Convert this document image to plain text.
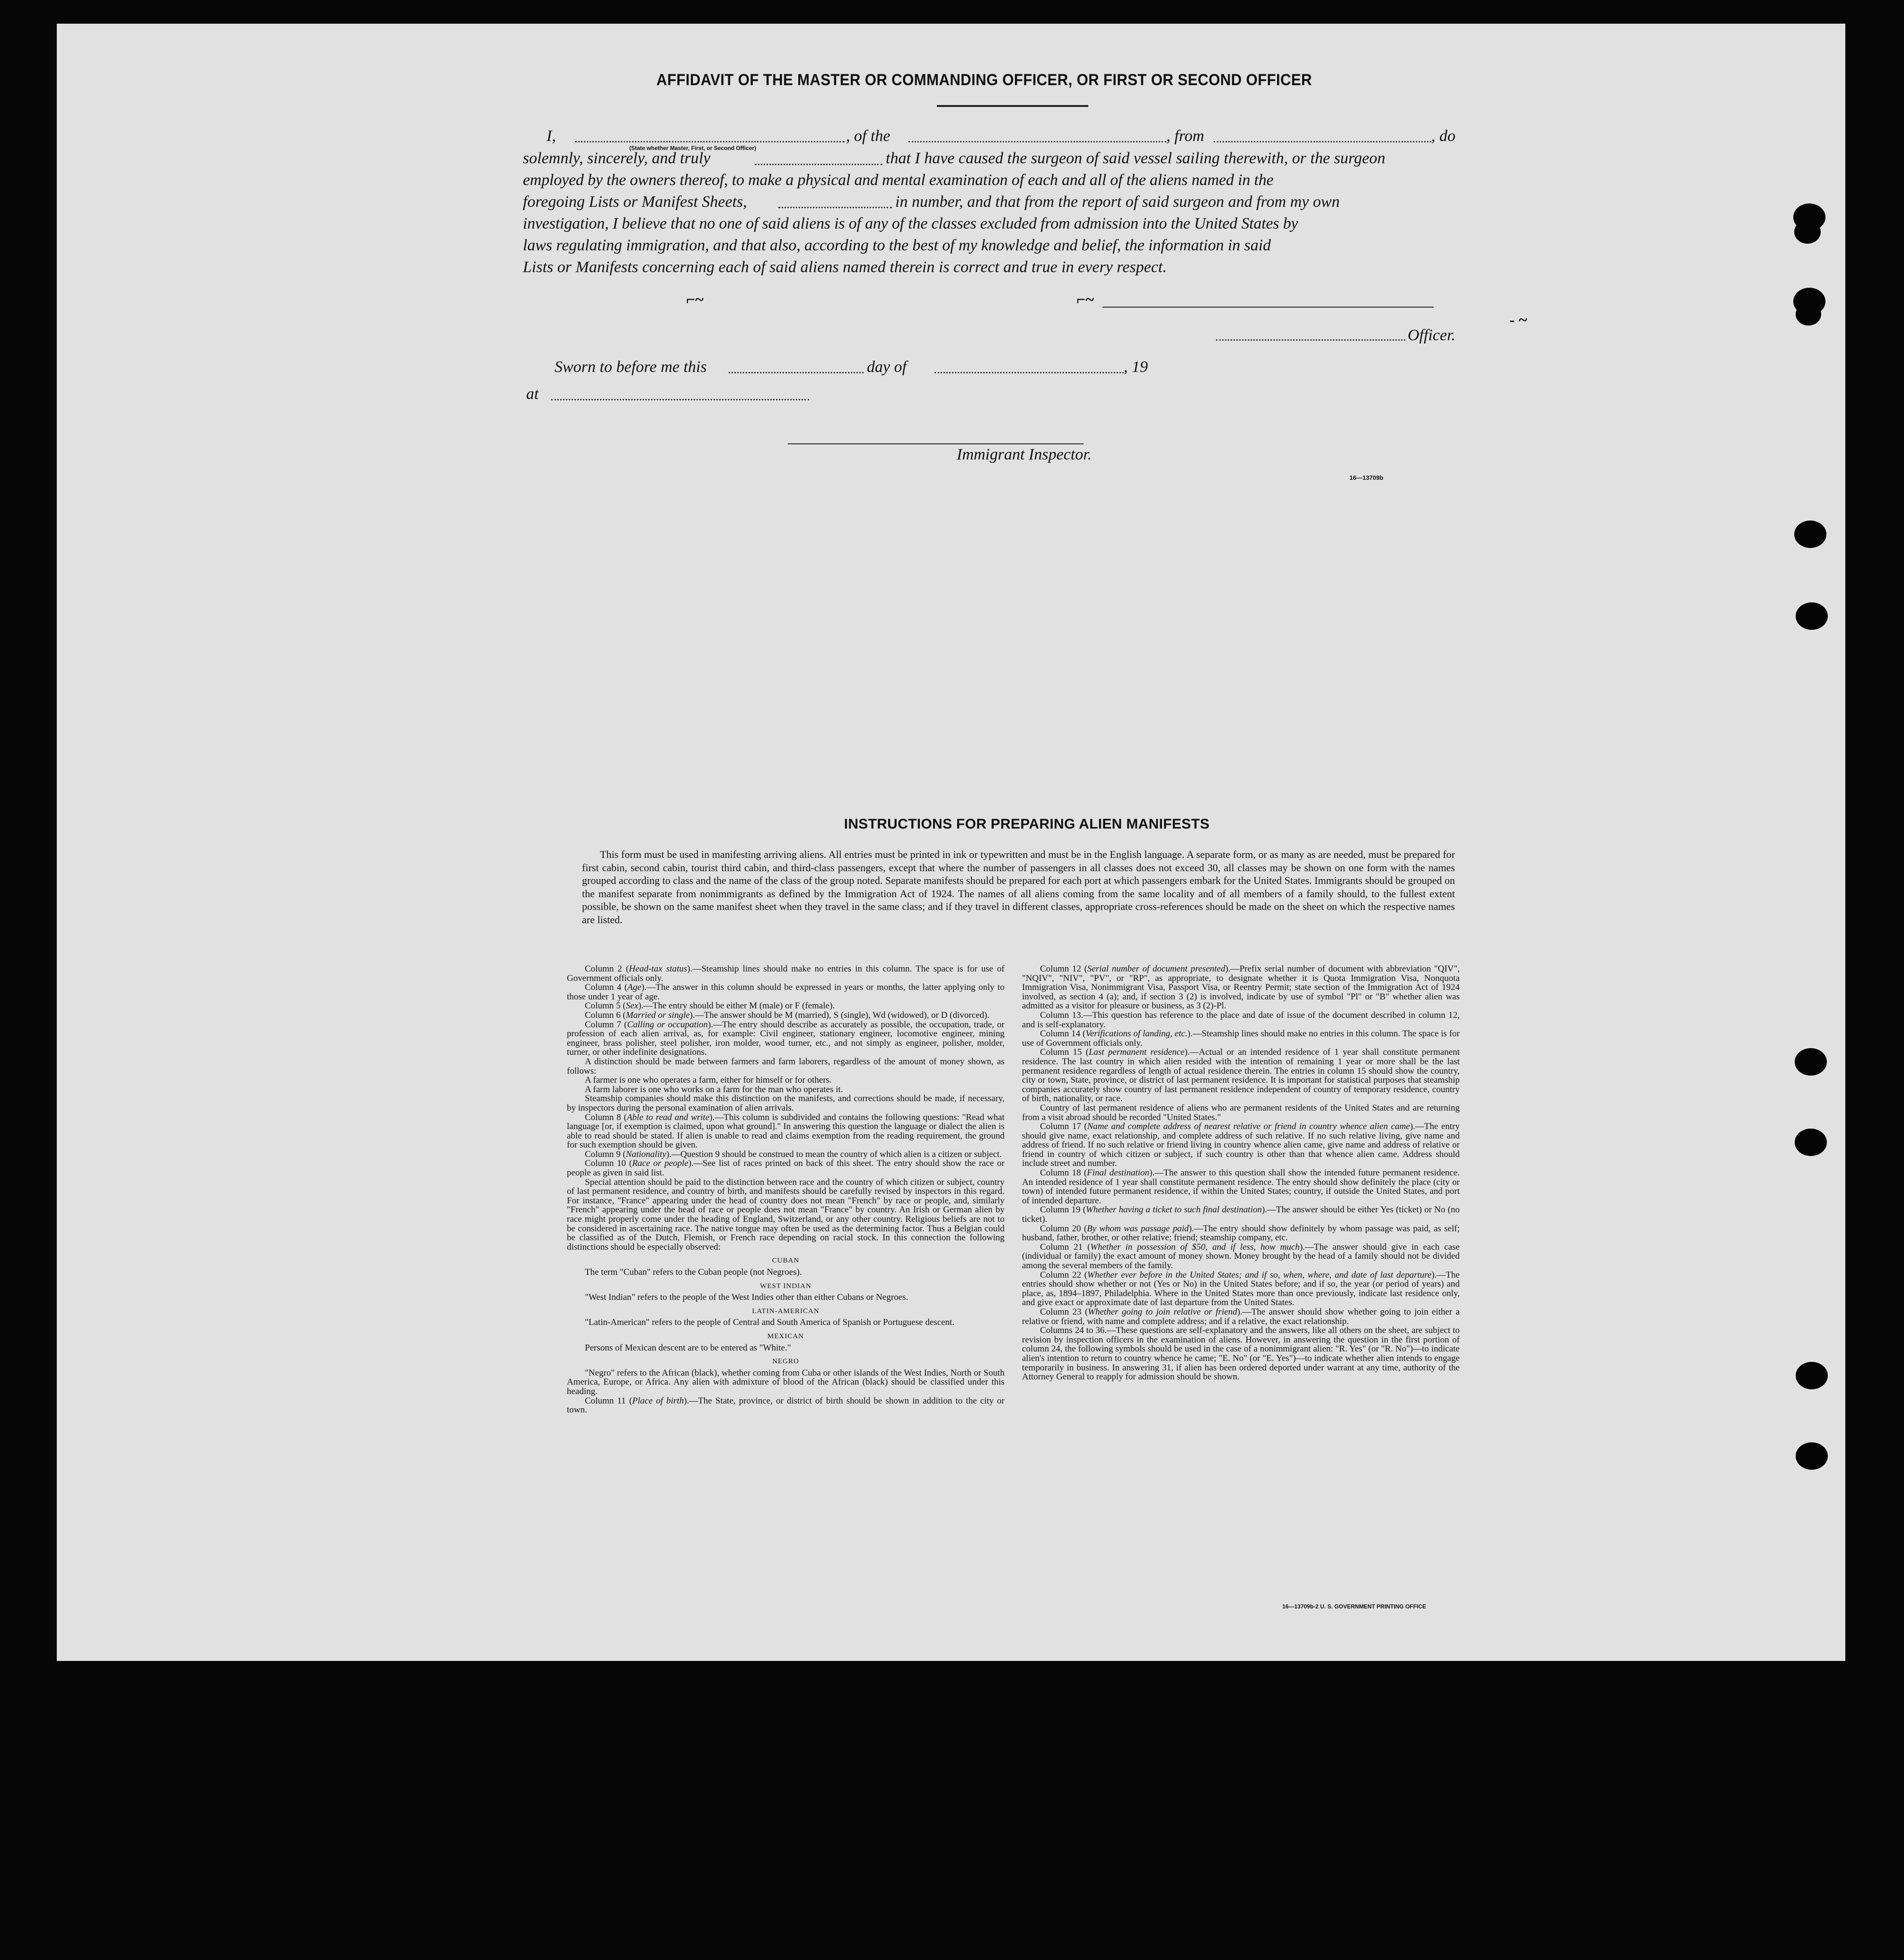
AFFIDAVIT OF THE MASTER OR COMMANDING OFFICER, OR FIRST OR SECOND OFFICER
I,
(State whether Master, First, or Second Officer)
, of the	, from	, do
solemnly, sincerely, and truly	that I have caused the surgeon of said vessel sailing therewith, or the surgeon
employed by the owners thereof, to make a physical and mental examination of each and all of the aliens named in the
foregoing Lists or Manifest Sheets,	in number, and that from the report of said surgeon and from my own
investigation, I believe that no one of said aliens is of any of the classes excluded from admission into the United States by
laws regulating immigration, and that also, according to the best of my knowledge and belief, the information in said
Lists or Manifests concerning each of said aliens named therein is correct and true in every respect.
⌐~	⌐~
Officer.
‐ ~
Sworn to before me this	day of	, 19
at
Immigrant Inspector.
16—13709b
INSTRUCTIONS FOR PREPARING ALIEN MANIFESTS
This form must be used in manifesting arriving aliens. All entries must be printed in ink or typewritten and must be in the English language. A separate form, or as many as are needed, must be prepared for first cabin, second cabin, tourist third cabin, and third-class passengers, except that where the number of passengers in all classes does not exceed 30, all classes may be shown on one form with the names grouped according to class and the name of the class of the group noted. Separate manifests should be prepared for each port at which passengers embark for the United States. Immigrants should be grouped on the manifest separate from nonimmigrants as defined by the Immigration Act of 1924. The names of all aliens coming from the same locality and of all members of a family should, to the fullest extent possible, be shown on the same manifest sheet when they travel in the same class; and if they travel in different classes, appropriate cross-references should be made on the sheet on which the respective names are listed.

Column 2 (Head-tax status).—Steamship lines should make no entries in this column. The space is for use of Government officials only.

Column 4 (Age).—The answer in this column should be expressed in years or months, the latter applying only to those under 1 year of age.

Column 5 (Sex).—The entry should be either M (male) or F (female).

Column 6 (Married or single).—The answer should be M (married), S (single), Wd (widowed), or D (divorced).

Column 7 (Calling or occupation).—The entry should describe as accurately as possible, the occupation, trade, or profession of each alien arrival, as, for example: Civil engineer, stationary engineer, locomotive engineer, mining engineer, brass polisher, steel polisher, iron molder, wood turner, etc., and not simply as engineer, polisher, molder, turner, or other indefinite designations.

A distinction should be made between farmers and farm laborers, regardless of the amount of money shown, as follows:

A farmer is one who operates a farm, either for himself or for others.

A farm laborer is one who works on a farm for the man who operates it.

Steamship companies should make this distinction on the manifests, and corrections should be made, if necessary, by inspectors during the personal examination of alien arrivals.

Column 8 (Able to read and write).—This column is subdivided and contains the following questions: "Read what language [or, if exemption is claimed, upon what ground]." In answering this question the language or dialect the alien is able to read should be stated. If alien is unable to read and claims exemption from the reading requirement, the ground for such exemption should be given.

Column 9 (Nationality).—Question 9 should be construed to mean the country of which alien is a citizen or subject.

Column 10 (Race or people).—See list of races printed on back of this sheet. The entry should show the race or people as given in said list.

Special attention should be paid to the distinction between race and the country of which citizen or subject, country of last permanent residence, and country of birth, and manifests should be carefully revised by inspectors in this regard. For instance, "France" appearing under the head of country does not mean "French" by race or people, and, similarly "French" appearing under the head of race or people does not mean "France" by country. An Irish or German alien by race might properly come under the heading of England, Switzerland, or any other country. Religious beliefs are not to be considered in ascertaining race. The native tongue may often be used as the determining factor. Thus a Belgian could be classified as of the Dutch, Flemish, or French race depending on racial stock. In this connection the following distinctions should be especially observed:

CUBAN

The term "Cuban" refers to the Cuban people (not Negroes).

WEST INDIAN

"West Indian" refers to the people of the West Indies other than either Cubans or Negroes.

LATIN-AMERICAN

"Latin-American" refers to the people of Central and South America of Spanish or Portuguese descent.

MEXICAN

Persons of Mexican descent are to be entered as "White."

NEGRO

"Negro" refers to the African (black), whether coming from Cuba or other islands of the West Indies, North or South America, Europe, or Africa. Any alien with admixture of blood of the African (black) should be classified under this heading.

Column 11 (Place of birth).—The State, province, or district of birth should be shown in addition to the city or town.

Column 12 (Serial number of document presented).—Prefix serial number of document with abbreviation "QIV", "NQIV", "NIV", "PV", or "RP", as appropriate, to designate whether it is Quota Immigration Visa, Nonquota Immigration Visa, Nonimmigrant Visa, Passport Visa, or Reentry Permit; state section of the Immigration Act of 1924 involved, as section 4 (a); and, if section 3 (2) is involved, indicate by use of symbol "Pl" or "B" whether alien was admitted as a visitor for pleasure or business, as 3 (2)-Pl.

Column 13.—This question has reference to the place and date of issue of the document described in column 12, and is self-explanatory.

Column 14 (Verifications of landing, etc.).—Steamship lines should make no entries in this column. The space is for use of Government officials only.

Column 15 (Last permanent residence).—Actual or an intended residence of 1 year shall constitute permanent residence. The last country in which alien resided with the intention of remaining 1 year or more shall be the last permanent residence regardless of length of actual residence therein. The entries in column 15 should show the country, city or town, State, province, or district of last permanent residence. It is important for statistical purposes that steamship companies accurately show country of last permanent residence independent of country of temporary residence, country of birth, nationality, or race.

Country of last permanent residence of aliens who are permanent residents of the United States and are returning from a visit abroad should be recorded "United States."

Column 17 (Name and complete address of nearest relative or friend in country whence alien came).—The entry should give name, exact relationship, and complete address of such relative. If no such relative living, give name and address of friend. If no such relative or friend living in country whence alien came, give name and address of relative or friend in country of which citizen or subject, if such country is other than that whence alien came. Address should include street and number.

Column 18 (Final destination).—The answer to this question shall show the intended future permanent residence. An intended residence of 1 year shall constitute permanent residence. The entry should show definitely the place (city or town) of intended future permanent residence, if within the United States; country, if outside the United States, and port of intended departure.

Column 19 (Whether having a ticket to such final destination).—The answer should be either Yes (ticket) or No (no ticket).

Column 20 (By whom was passage paid).—The entry should show definitely by whom passage was paid, as self; husband, father, brother, or other relative; friend; steamship company, etc.

Column 21 (Whether in possession of $50, and if less, how much).—The answer should give in each case (individual or family) the exact amount of money shown. Money brought by the head of a family should not be divided among the several members of the family.

Column 22 (Whether ever before in the United States; and if so, when, where, and date of last departure).—The entries should show whether or not (Yes or No) in the United States before; and if so, the year (or period of years) and place, as, 1894–1897, Philadelphia. Where in the United States more than once previously, indicate last residence only, and give exact or approximate date of last departure from the United States.

Column 23 (Whether going to join relative or friend).—The answer should show whether going to join either a relative or friend, with name and complete address; and if a relative, the exact relationship.

Columns 24 to 36.—These questions are self-explanatory and the answers, like all others on the sheet, are subject to revision by inspection officers in the examination of aliens. However, in answering the question in the first portion of column 24, the following symbols should be used in the case of a nonimmigrant alien: "R. Yes" (or "R. No")—to indicate alien's intention to return to country whence he came; "E. No" (or "E. Yes")—to indicate whether alien intends to engage temporarily in business. In answering 31, if alien has been ordered deported under warrant at any time, authority of the Attorney General to reapply for admission should be shown.

16—13709b-2 U. S. GOVERNMENT PRINTING OFFICE
